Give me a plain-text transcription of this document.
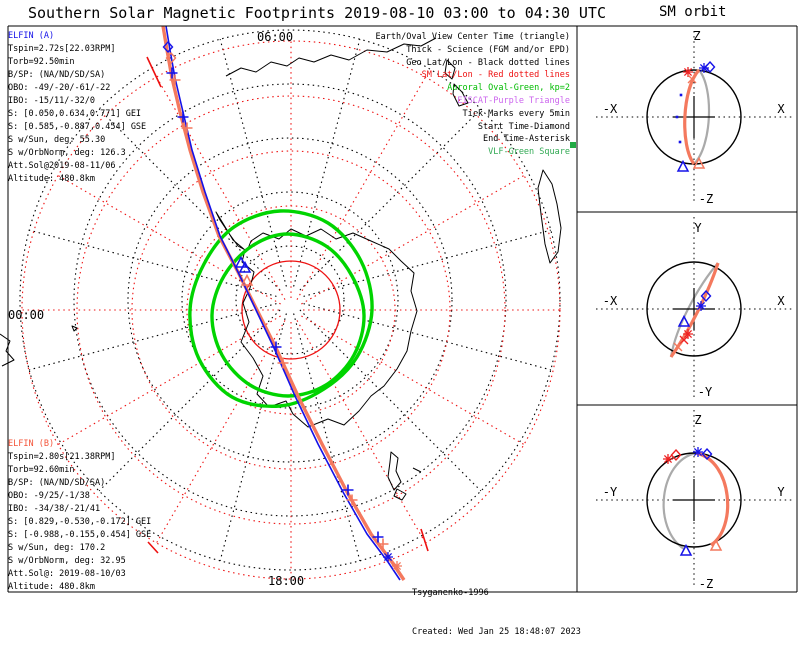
Z
-Z
-X	X
Y
-Y
-X	X
Z
-Z
-Y	Y
Southern Solar Magnetic Footprints 2019-08-10 03:00 to 04:30 UTC	SM orbit
Earth/Oval View Center Time (triangle)
Thick - Science (FGM and/or EPD)
Geo Lat/Lon - Black dotted lines
SM Lat/Lon - Red dotted lines
Auroral Oval-Green, kp=2
EISCAT-Purple Triangle
Tick Marks every 5min
Start Time-Diamond
End Time-Asterisk
VLF-Green Square
ELFIN (A)
Tspin=2.72s[22.03RPM]
Torb=92.50min
B/SP: (NA/ND/SD/SA)
OBO: -49/-20/-61/-22
IBO: -15/11/-32/0
S: [0.050,0.634,0.771] GEI
S: [0.585,-0.887,0.454] GSE
S w/Sun, deg: 55.30
S w/OrbNorm, deg: 126.3
Att.Sol@2019-08-11/06
Altitude: 480.8km
ELFIN (B)
Tspin=2.80s[21.38RPM]
Torb=92.60min
B/SP: (NA/ND/SD/SA)
OBO: -9/25/-1/38
IBO: -34/38/-21/41
S: [0.829,-0.530,-0.172] GEI
S: [-0.988,-0.155,0.454] GSE
S w/Sun, deg: 170.2
S w/OrbNorm, deg: 32.95
Att.Sol@: 2019-08-10/03
Altitude: 480.8km
06:00
00:00
18:00

Tsyganenko-1996

Created: Wed Jan 25 18:48:07 2023
